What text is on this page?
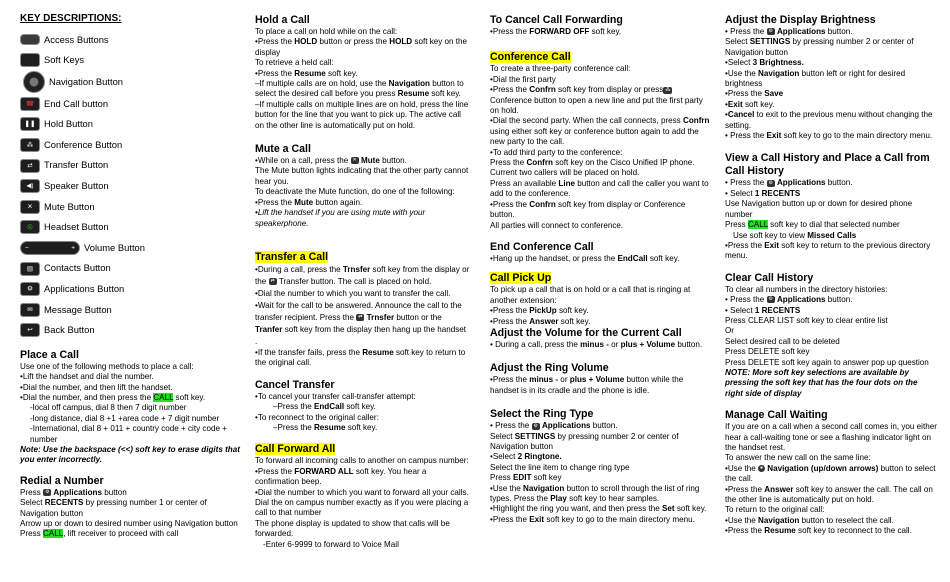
KEY DESCRIPTIONS:
Access Buttons
Soft Keys
Navigation Button
☎	End Call button
❚❚ Hold Button
⁂	Conference Button
⇄	Transfer Button
◀)	Speaker Button
✕	Mute Button
◎	Headset Button
−	+ Volume Button
▤	Contacts Button
⚙	Applications Button
✉	Message Button
↩	Back Button
Place a Call

Use one of the following methods to place a call:

•Lift the handset and dial the number.

•Dial the number, and then lift the handset.

•Dial the number, and then press the CALL soft key.

-local off campus, dial 8 then 7 digit number

-long distance, dial 8 +1 +area code + 7 digit number

-International, dial 8 + 011 + country code + city code + number

Note: Use the backspace (<<) soft key to erase digits that you enter incorrectly.

Redial a Number

Press ⚙ Applications button

Select RECENTS by pressing number 1 or center of Navigation button

Arrow up or down to desired number using Navigation button

Press CALL, lift receiver to proceed with call

Hold a Call

To place a call on hold while on the call:

•Press the HOLD button or press the HOLD soft key on the display

To retrieve a held call:

•Press the Resume soft key.

–If multiple calls are on hold, use the Navigation button to select the desired call before you press Resume soft key.

–If multiple calls on multiple lines are on hold, press the line button for the line that you want to pick up. The active call on the other line is automatically put on hold.

Mute a Call

•While on a call, press the ✕ Mute button.

The Mute button lights indicating that the other party cannot hear you.

To deactivate the Mute function, do one of the following:

•Press the Mute button again.

•Lift the handset if you are using mute with your speakerphone.

Transfer a Call

•During a call, press the Trnsfer soft key from the display or the ⇄ Transfer button. The call is placed on hold.

•Dial the number to which you want to transfer the call.

•Wait for the call to be answered. Announce the call to the transfer recipient. Press the ⇄ Trnsfer button or the Tranfer soft key from the display then hang up the handset
.

•If the transfer fails, press the Resume soft key to return to the original call.

Cancel Transfer

•To cancel your transfer call-transfer attempt:

–Press the EndCall soft key.

•To reconnect to the original caller:

–Press the Resume soft key.

Call Forward All

To forward all incoming calls to another on campus number:

•Press the FORWARD ALL soft key. You hear a confirmation beep.

•Dial the number to which you want to forward all your calls. Dial the on campus number exactly as if you were placing a call to that number

The phone display is updated to show that calls will be forwarded.

-Enter 6-9999 to forward to Voice Mail

To Cancel Call Forwarding

•Press the FORWARD OFF soft key.

Conference Call

To create a three-party conference call:

•Dial the first party

•Press the Confrn soft key from display or press ⁂
Conference button to open a new line and put the first party on hold.

•Dial the second party. When the call connects, press Confrn using either soft key or conference button again to add the new party to the call.

•To add third party to the conference:

Press the Confrn soft key on the Cisco Unified IP phone. Current two callers will be placed on hold.

Press an available Line button and call the caller you want to add to the conference.

•Press the Confrn soft key from display or Conference button.

All parties will connect to conference.

End Conference Call

•Hang up the handset, or press the EndCall soft key.

Call Pick Up

To pick up a call that is on hold or a call that is ringing at another extension:

•Press the PickUp soft key.

•Press the Answer soft key.

Adjust the Volume for the Current Call

• During a call, press the minus - or plus + Volume button.

Adjust the Ring Volume

•Press the minus - or plus + Volume button while the handset is in its cradle and the phone is idle.

Select the Ring Type

• Press the ⚙ Applications button.

Select SETTINGS by pressing number 2 or center of Navigation button

•Select 2 Ringtone.

Select the line item to change ring type

Press EDIT soft key

•Use the Navigation button to scroll through the list of ring types. Press the Play soft key to hear samples.

•Highlight the ring you want, and then press the Set soft key.

•Press the Exit soft key to go to the main directory menu.

Adjust the Display Brightness

• Press the ⚙ Applications button.

Select SETTINGS by pressing number 2 or center of Navigation button

•Select 3 Brightness.

•Use the Navigation button left or right for desired brightness

•Press the Save

•Exit soft key.

•Cancel to exit to the previous menu without changing the setting.

• Press the Exit soft key to go to the main directory menu.

View a Call History and Place a Call from Call History

• Press the ⚙ Applications button.

• Select 1 RECENTS

Use Navigation button up or down for desired phone number

Press CALL soft key to dial that selected number

Use soft key to view Missed Calls

•Press the Exit soft key to return to the previous directory menu.

Clear Call History

To clear all numbers in the directory histories:

• Press the ⚙ Applications button.

• Select 1 RECENTS

Press CLEAR LIST soft key to clear entire list

Or

Select desired call to be deleted

Press DELETE soft key

Press DELETE soft key again to answer pop up question

NOTE: More soft key selections are available by pressing the soft key that has the four dots on the right side of display

Manage Call Waiting

If you are on a call when a second call comes in, you either hear a call-waiting tone or see a flashing indicator light on the handset rest.

To answer the new call on the same line:

•Use the ● Navigation (up/down arrows) button to select the call.

•Press the Answer soft key to answer the call. The call on the other line is automatically put on hold.

To return to the original call:

•Use the Navigation button to reselect the call.

•Press the Resume soft key to reconnect to the call.
